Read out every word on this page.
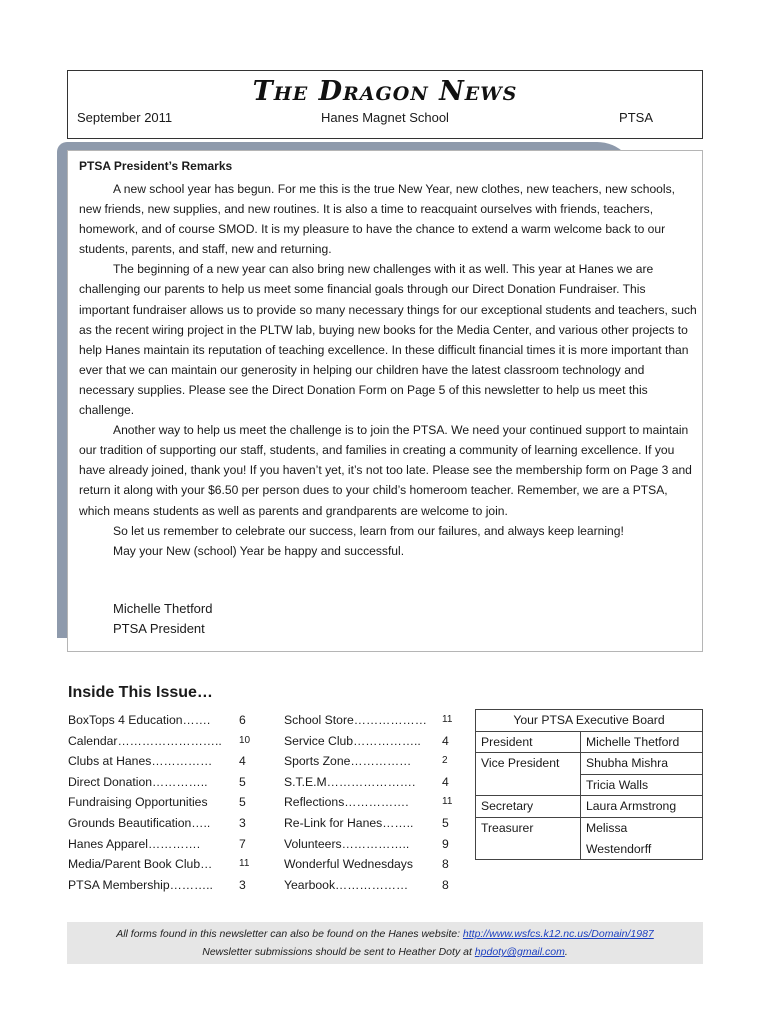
The Dragon News
September 2011	Hanes Magnet School	PTSA
PTSA President’s Remarks

A new school year has begun. For me this is the true New Year, new clothes, new teachers, new schools, new friends, new supplies, and new routines. It is also a time to reacquaint ourselves with friends, teachers, homework, and of course SMOD. It is my pleasure to have the chance to extend a warm welcome back to our students, parents, and staff, new and returning.

The beginning of a new year can also bring new challenges with it as well. This year at Hanes we are challenging our parents to help us meet some financial goals through our Direct Donation Fundraiser. This important fundraiser allows us to provide so many necessary things for our exceptional students and teachers, such as the recent wiring project in the PLTW lab, buying new books for the Media Center, and various other projects to help Hanes maintain its reputation of teaching excellence. In these difficult financial times it is more important than ever that we can maintain our generosity in helping our children have the latest classroom technology and necessary supplies. Please see the Direct Donation Form on Page 5 of this newsletter to help us meet this challenge.

Another way to help us meet the challenge is to join the PTSA. We need your continued support to maintain our tradition of supporting our staff, students, and families in creating a community of learning excellence. If you have already joined, thank you! If you haven’t yet, it’s not too late. Please see the membership form on Page 3 and return it along with your $6.50 per person dues to your child’s homeroom teacher. Remember, we are a PTSA, which means students as well as parents and grandparents are welcome to join.

So let us remember to celebrate our success, learn from our failures, and always keep learning!

May your New (school) Year be happy and successful.

Michelle Thetford
PTSA President
Inside This Issue…
BoxTops 4 Education……. 6
Calendar…………………….. 10
Clubs at Hanes…………… 4
Direct Donation…………..	5
Fundraising Opportunities	5
Grounds Beautification….. 3
Hanes Apparel………….	7
Media/Parent Book Club…	11
PTSA Membership……….. 3
School Store……………… 11
Service Club…………….. 4
Sports Zone……………	2
S.T.E.M…………………. 4
Reflections…………….	11
Re-Link for Hanes…….. 5
Volunteers……………..	9
Wonderful Wednesdays 8
Yearbook………………	8
Your PTSA Executive Board	
President	Michelle Thetford
Vice President	Shubha Mishra
	Tricia Walls
Secretary	Laura Armstrong
Treasurer	Melissa
	Westendorff
All forms found in this newsletter can also be found on the Hanes website: http://www.wsfcs.k12.nc.us/Domain/1987
Newsletter submissions should be sent to Heather Doty at hpdoty@gmail.com.
